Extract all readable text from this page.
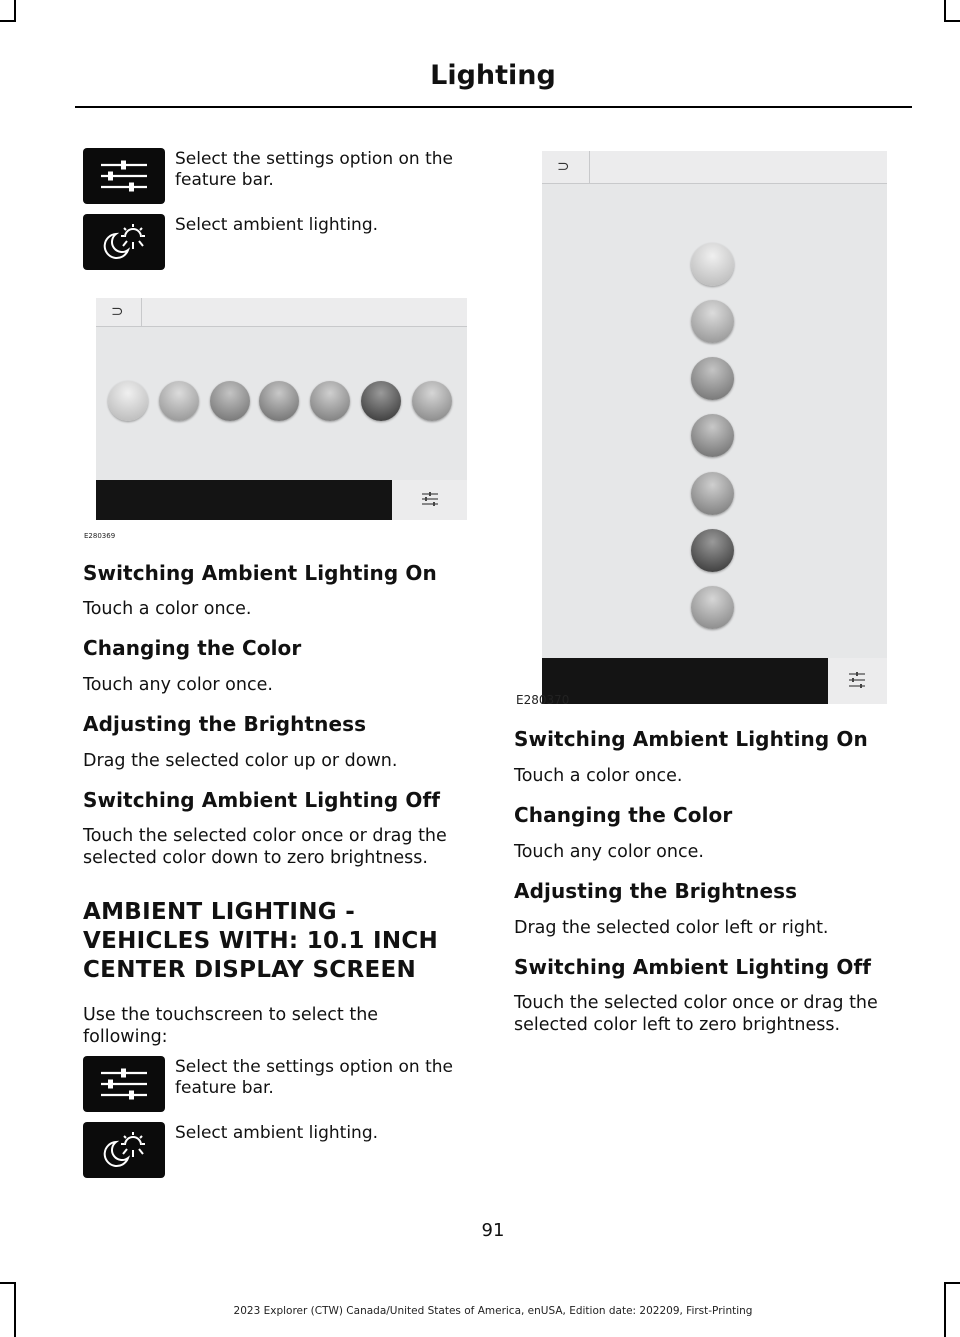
Lighting
Select the settings option on the feature bar.
Select ambient lighting.
⊃
E280369
Switching Ambient Lighting On
Touch a color once.
Changing the Color
Touch any color once.
Adjusting the Brightness
Drag the selected color up or down.
Switching Ambient Lighting Off
Touch the selected color once or drag the selected color down to zero brightness.
AMBIENT LIGHTING -
VEHICLES WITH: 10.1 INCH
CENTER DISPLAY SCREEN
Use the touchscreen to select the following:
Select the settings option on the feature bar.
Select ambient lighting.
⊃
E280370
Switching Ambient Lighting On
Touch a color once.
Changing the Color
Touch any color once.
Adjusting the Brightness
Drag the selected color left or right.
Switching Ambient Lighting Off
Touch the selected color once or drag the selected color left to zero brightness.
91
2023 Explorer (CTW) Canada/United States of America, enUSA, Edition date: 202209, First-Printing
